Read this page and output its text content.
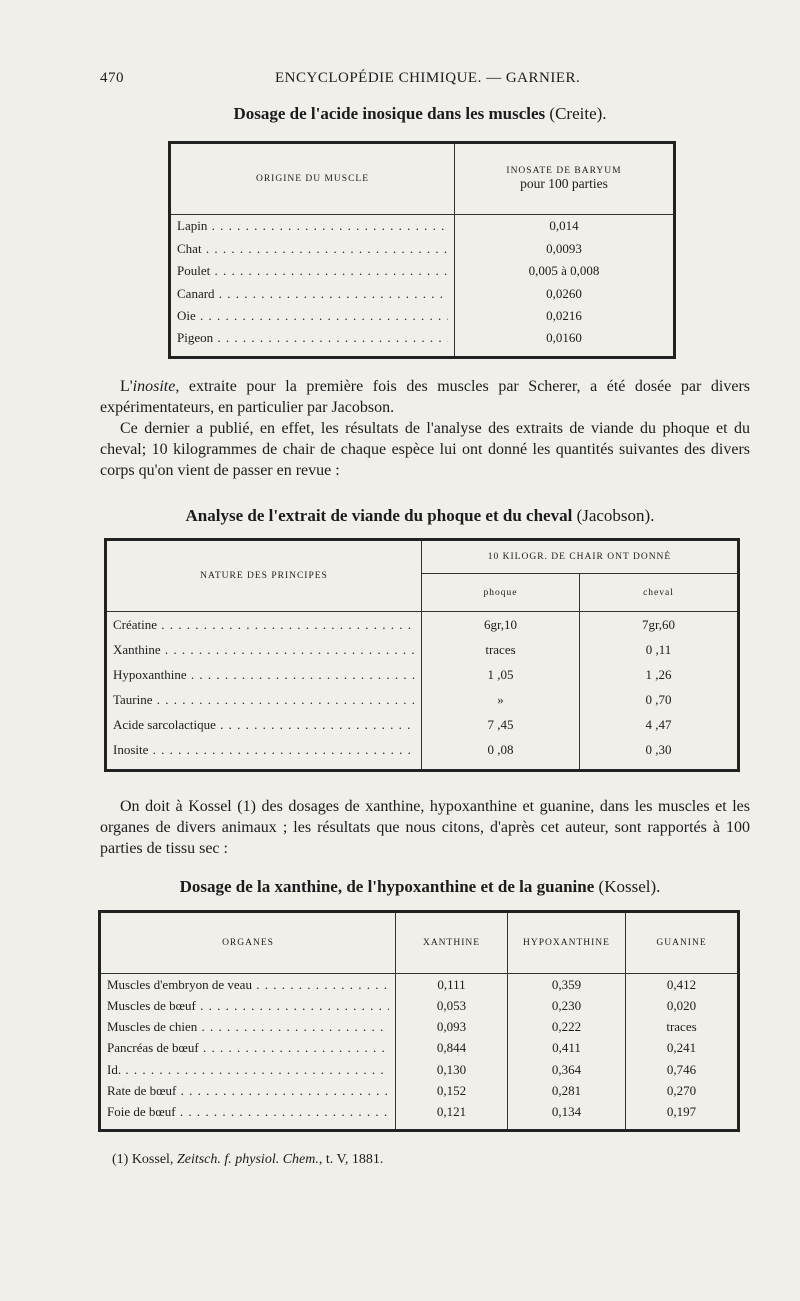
470	ENCYCLOPÉDIE CHIMIQUE. — GARNIER.
Dosage de l'acide inosique dans les muscles (Creite).
ORIGINE DU MUSCLE	INOSATE DE BARYUM
pour 100 parties

Lapin . . .	0,014

Chat . . .	0,0093

Poulet . . .	0,005 à 0,008

Canard . . .	0,0260

Oie . . .	0,0216

Pigeon . . .	0,0160

L'inosite, extraite pour la première fois des muscles par Scherer, a été dosée par divers expérimentateurs, en particulier par Jacobson.

Ce dernier a publié, en effet, les résultats de l'analyse des extraits de viande du phoque et du cheval; 10 kilogrammes de chair de chaque espèce lui ont donné les quantités suivantes des divers corps qu'on vient de passer en revue :

Analyse de l'extrait de viande du phoque et du cheval (Jacobson).
NATURE DES PRINCIPES	10 KILOGR. DE CHAIR ONT DONNÉ	
	phoque	cheval

Créatine . . .	6gr,10	7gr,60

Xanthine . . .	traces	0 ,11

Hypoxanthine . . .	1 ,05	1 ,26

Taurine . . .	»	0 ,70

Acide sarcolactique . . .	7 ,45	4 ,47

Inosite . . .	0 ,08	0 ,30

On doit à Kossel (1) des dosages de xanthine, hypoxanthine et guanine, dans les muscles et les organes de divers animaux ; les résultats que nous citons, d'après cet auteur, sont rapportés à 100 parties de tissu sec :

Dosage de la xanthine, de l'hypoxanthine et de la guanine (Kossel).
ORGANES	XANTHINE	HYPOXANTHINE	GUANINE

Muscles d'embryon de veau . . .	0,111	0,359	0,412

Muscles de bœuf . . .	0,053	0,230	0,020

Muscles de chien . . .	0,093	0,222	traces

Pancréas de bœuf . . .	0,844	0,411	0,241

Id. . . .	0,130	0,364	0,746

Rate de bœuf . . .	0,152	0,281	0,270

Foie de bœuf . . .	0,121	0,134	0,197

(1) Kossel, Zeitsch. f. physiol. Chem., t. V, 1881.
